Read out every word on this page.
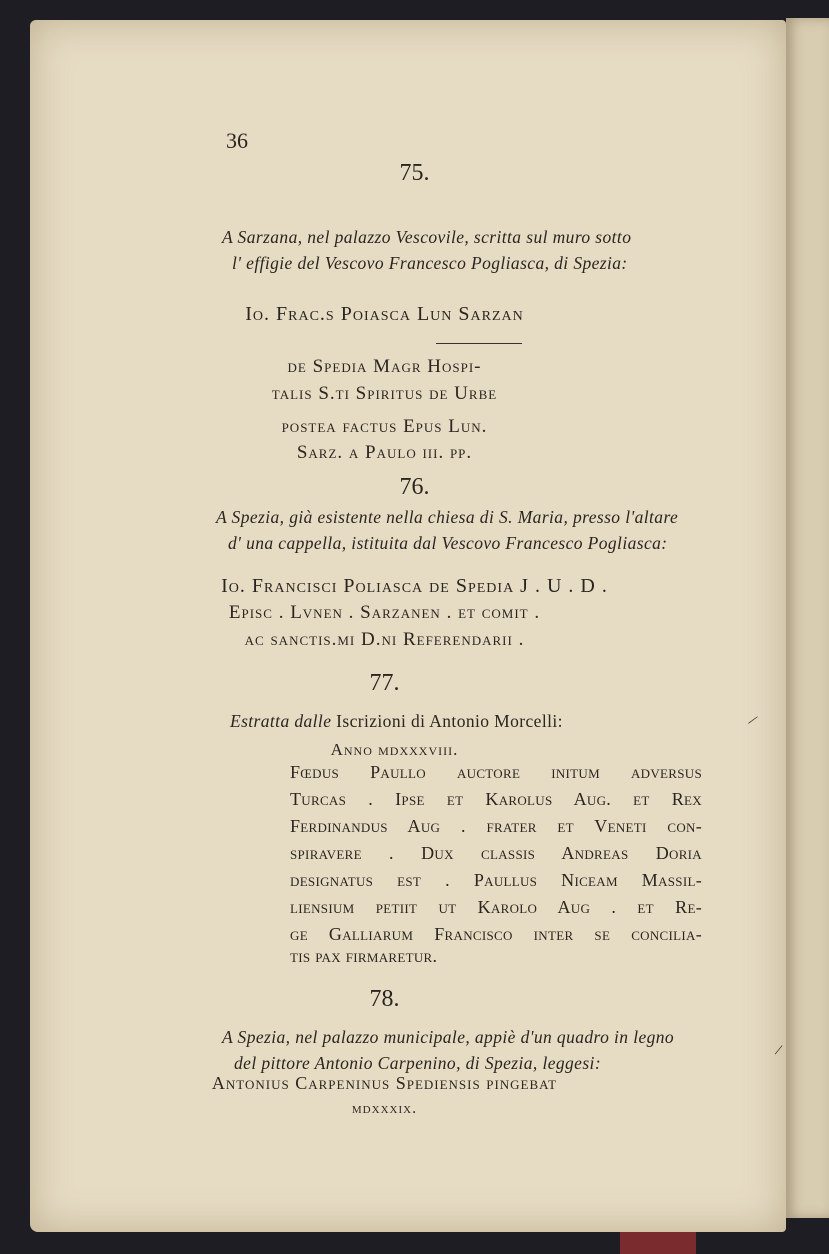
36
75.
A Sarzana, nel palazzo Vescovile, scritta sul muro sotto
l' effigie del Vescovo Francesco Pogliasca, di Spezia:
Io. Frac.s Poiasca Lun Sarzan
de Spedia Magr Hospi-
talis S.ti Spiritus de Urbe
postea factus Epus Lun.
Sarz. a Paulo iii. pp.
76.
A Spezia, già esistente nella chiesa di S. Maria, presso l'altare
d' una cappella, istituita dal Vescovo Francesco Pogliasca:
Io. Francisci Poliasca de Spedia J . U . D .
Episc . Lvnen . Sarzanen . et comit .
ac sanctis.mi D.ni Referendarii .
77.
Estratta dalle Iscrizioni di Antonio Morcelli:
Anno mdxxxviii.
Fœdus Paullo auctore initum adversus
Turcas . Ipse et Karolus Aug. et Rex
Ferdinandus Aug . frater et Veneti con-
spiravere . Dux classis Andreas Doria
designatus est . Paullus Niceam Massil-
liensium petiit ut Karolo Aug . et Re-
ge Galliarum Francisco inter se concilia-
tis pax firmaretur.
78.
A Spezia, nel palazzo municipale, appiè d'un quadro in legno
del pittore Antonio Carpenino, di Spezia, leggesi:
Antonius Carpeninus Spediensis pingebat
mdxxxix.
/
/
